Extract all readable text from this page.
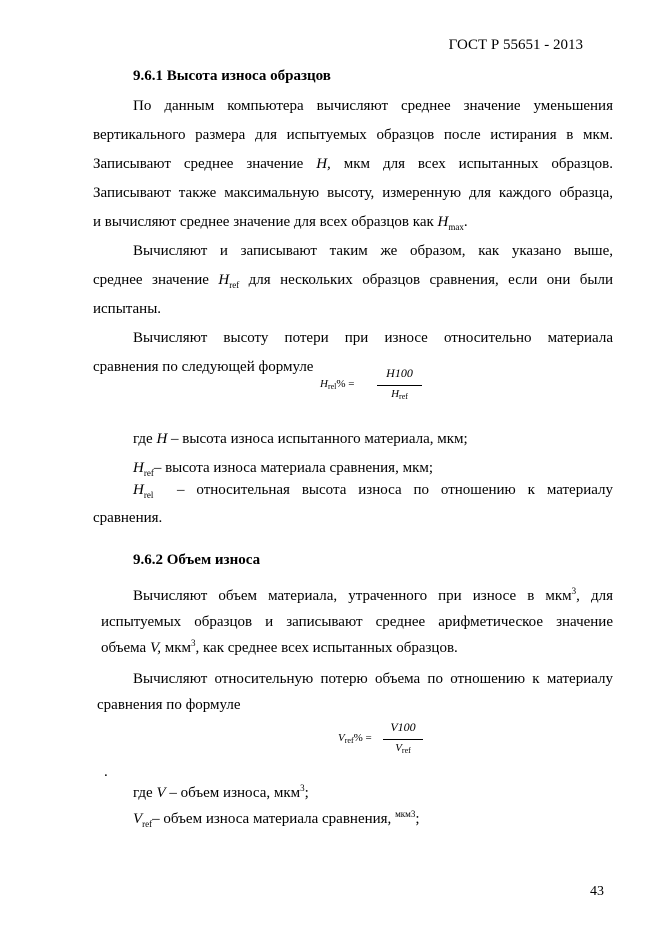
ГОСТ Р 55651 - 2013
9.6.1 Высота износа образцов
По данным компьютера вычисляют среднее значение уменьшения
вертикального размера для испытуемых образцов после истирания в мкм.
Записывают среднее значение H, мкм для всех испытанных образцов.
Записывают также максимальную высоту, измеренную для каждого образца,
и вычисляют среднее значение для всех образцов как $H_{max}$.
Вычисляют и записывают таким же образом, как указано выше,
среднее значение $H_{ref}$ для нескольких образцов сравнения, если они были
испытаны.
Вычисляют высоту потери при износе относительно материала
сравнения по следующей формуле
Hrel% =
H100
Href
где H – высота износа испытанного материала, мкм;
$H_{ref}-$ высота износа материала сравнения, мкм;
$H_{rel}$	– относительная высота износа по отношению к материалу
сравнения.
9.6.2 Объем износа
Вычисляют объем материала, утраченного при износе в мкм$^3$, для
испытуемых образцов и записывают среднее арифметическое значение
объема V, мкм$^3$, как среднее всех испытанных образцов.
Вычисляют относительную потерю объема по отношению к материалу
сравнения по формуле
Vref% =
V100
Vref
.
где V – объем износа, мкм$^3$;
$V_{ref}-$ объем износа материала сравнения, $^{мкм3}$;
43
